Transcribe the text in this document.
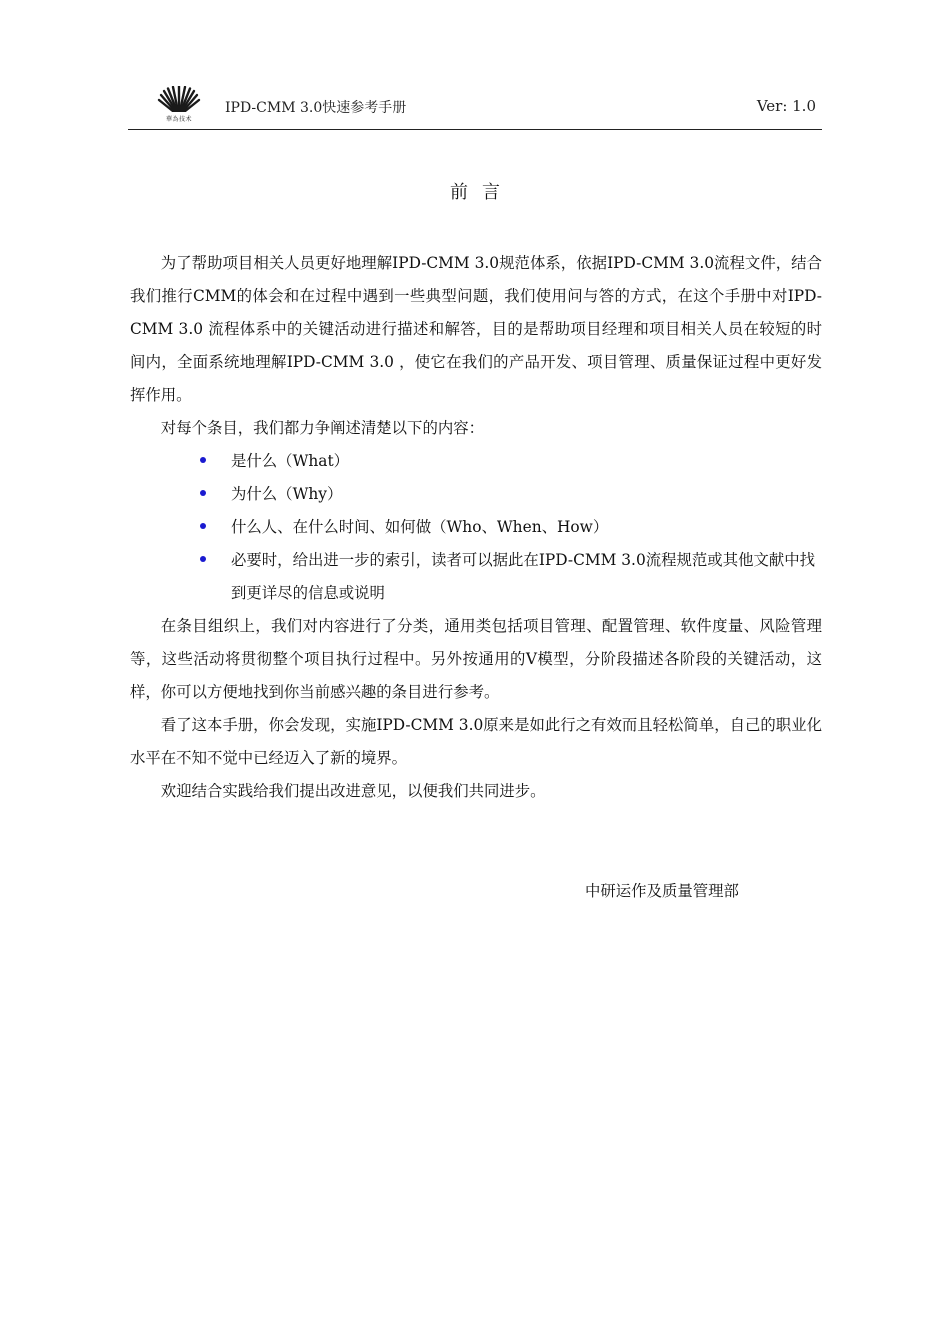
華為技术
IPD-CMM 3.0快速参考手册	Ver: 1.0
前言

为了帮助项目相关人员更好地理解IPD-CMM 3.0规范体系，依据IPD-CMM 3.0流程文件，结合我们推行CMM的体会和在过程中遇到一些典型问题，我们使用问与答的方式，在这个手册中对IPD-CMM 3.0 流程体系中的关键活动进行描述和解答，目的是帮助项目经理和项目相关人员在较短的时间内，全面系统地理解IPD-CMM 3.0 ，使它在我们的产品开发、项目管理、质量保证过程中更好发挥作用。

对每个条目，我们都力争阐述清楚以下的内容：

是什么（What）
为什么（Why）
什么人、在什么时间、如何做（Who、When、How）
必要时，给出进一步的索引，读者可以据此在IPD-CMM 3.0流程规范或其他文献中找到更详尽的信息或说明

在条目组织上，我们对内容进行了分类，通用类包括项目管理、配置管理、软件度量、风险管理等，这些活动将贯彻整个项目执行过程中。另外按通用的V模型，分阶段描述各阶段的关键活动，这样，你可以方便地找到你当前感兴趣的条目进行参考。

看了这本手册，你会发现，实施IPD-CMM 3.0原来是如此行之有效而且轻松简单，自己的职业化水平在不知不觉中已经迈入了新的境界。

欢迎结合实践给我们提出改进意见，以便我们共同进步。

中研运作及质量管理部
